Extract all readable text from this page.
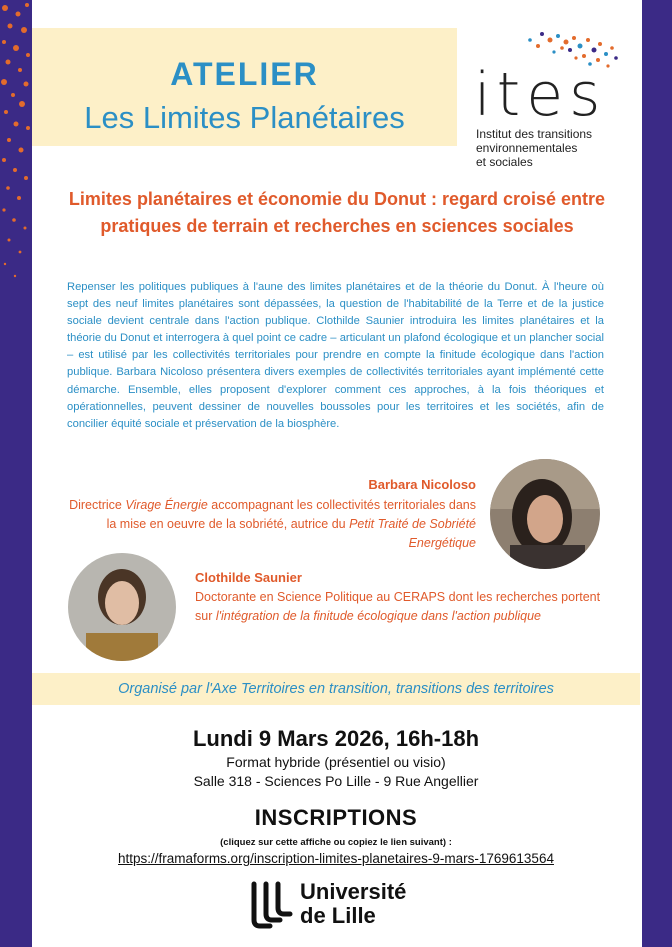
ATELIER
Les Limites Planétaires	ites
Institut des transitions
environnementales
et sociales
Limites planétaires et économie du Donut : regard croisé entre pratiques de terrain et recherches en sciences sociales
Repenser les politiques publiques à l'aune des limites planétaires et de la théorie du Donut. À l'heure où sept des neuf limites planétaires sont dépassées, la question de l'habitabilité de la Terre et de la justice sociale devient centrale dans l'action publique. Clothilde Saunier introduira les limites planétaires et la théorie du Donut et interrogera à quel point ce cadre – articulant un plafond écologique et un plancher social – est utilisé par les collectivités territoriales pour prendre en compte la finitude écologique dans l'action publique. Barbara Nicoloso présentera divers exemples de collectivités territoriales ayant implémenté cette démarche. Ensemble, elles proposent d'explorer comment ces approches, à la fois théoriques et opérationnelles, peuvent dessiner de nouvelles boussoles pour les territoires et les sociétés, afin de concilier équité sociale et préservation de la biosphère.
Barbara Nicoloso
Directrice Virage Énergie accompagnant les collectivités territoriales dans la mise en oeuvre de la sobriété, autrice du Petit Traité de Sobriété Energétique
Clothilde Saunier
Doctorante en Science Politique au CERAPS dont les recherches portent sur l'intégration de la finitude écologique dans l'action publique
Organisé par l'Axe Territoires en transition, transitions des territoires
Lundi 9 Mars 2026, 16h-18h
Format hybride (présentiel ou visio)
Salle 318 - Sciences Po Lille - 9 Rue Angellier
INSCRIPTIONS
(cliquez sur cette affiche ou copiez le lien suivant) :
https://framaforms.org/inscription-limites-planetaires-9-mars-1769613564
Université
de Lille
